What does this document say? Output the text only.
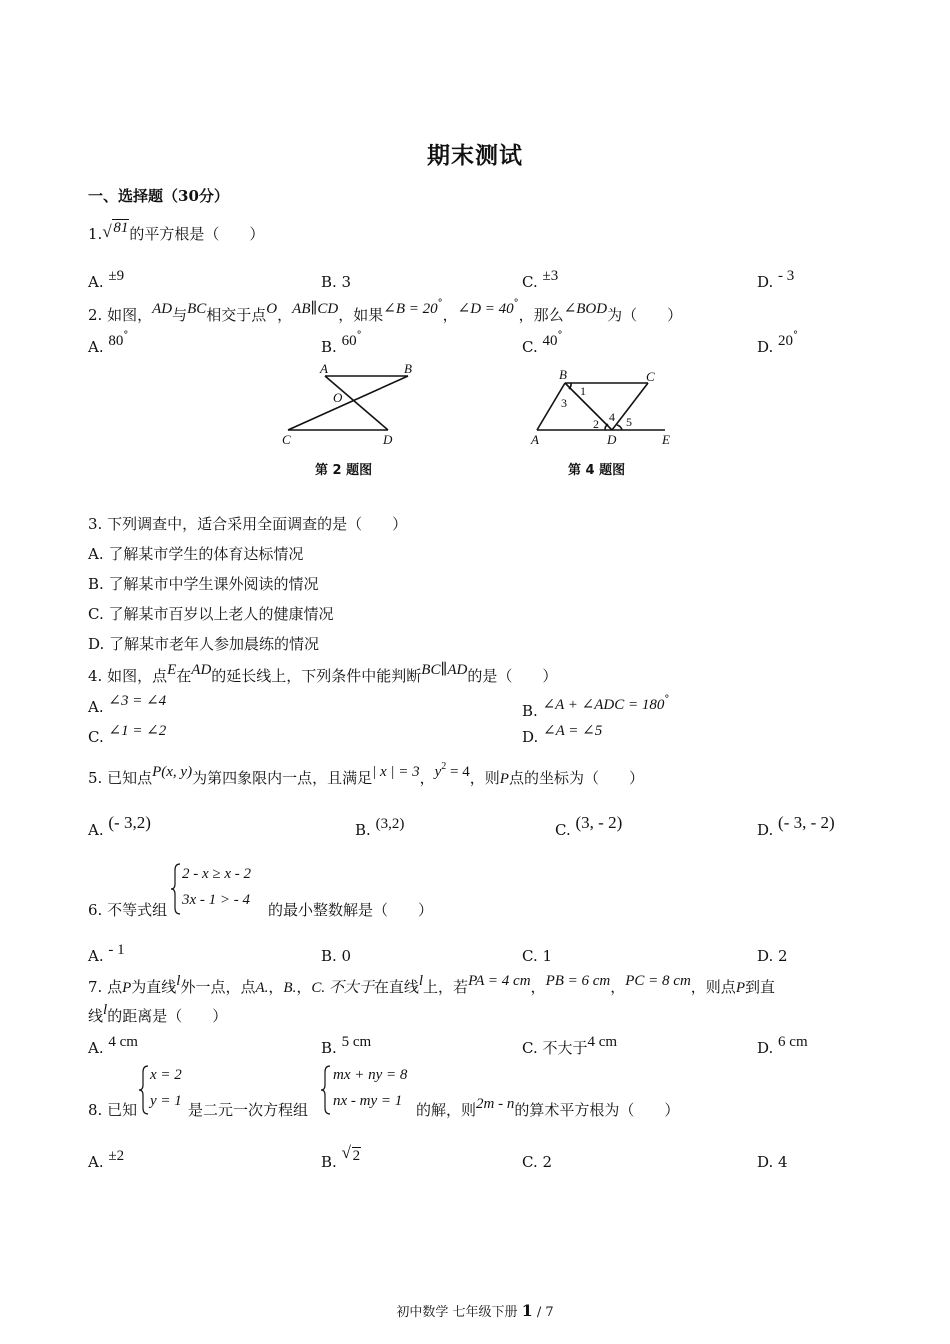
期末测试
一、选择题（30分）
1. √ 81的平方根是（　　）
A. ±9	B. 3	C. ±3	D. - 3
2. 如图，AD与BC相交于点O，AB∥CD，如果∠B = 20°，∠D = 40°，那么∠BOD为（　　）
A. 80°
B. 60°
C. 40°
D. 20°
A	B
O
C	D
第 2 题图
B	C
A	D	E
1
3
2 4 5
第 4 题图
3. 下列调查中，适合采用全面调查的是（　　）
A. 了解某市学生的体育达标情况
B. 了解某市中学生课外阅读的情况
C. 了解某市百岁以上老人的健康情况
D. 了解某市老年人参加晨练的情况
4. 如图，点E在AD的延长线上，下列条件中能判断BC∥AD的是（　　）
A. ∠3 = ∠4
B. ∠A + ∠ADC = 180°
C. ∠1 = ∠2	D. ∠A = ∠5
5. 已知点P(x, y)为第四象限内一点，且满足| x | = 3，$y^2 = 4$，则P点的坐标为（　　）
A. (- 3,2)	B. (3,2)	C. (3, - 2)	D. (- 3, - 2)
6. 不等式组
2 - x ≥ x - 2
3x - 1 > - 4
的最小整数解是（　　）
A. - 1	B. 0	C. 1	D. 2
7. 点P为直线l外一点，点A.，B.，C. 不大于在直线l上，若PA = 4 cm，PB = 6 cm，PC = 8 cm，则点P到直
线l的距离是（　　）
A. 4 cm	B. 5 cm	C. 不大于4 cm	D. 6 cm
8. 已知
x = 2
y = 1 是二元一次方程组
mx + ny = 8
nx - my = 1 的解，则2m - n的算术平方根为（　　）
A. ±2	B. √ 2	C. 2	D. 4
初中数学 七年级下册 1 / 7
